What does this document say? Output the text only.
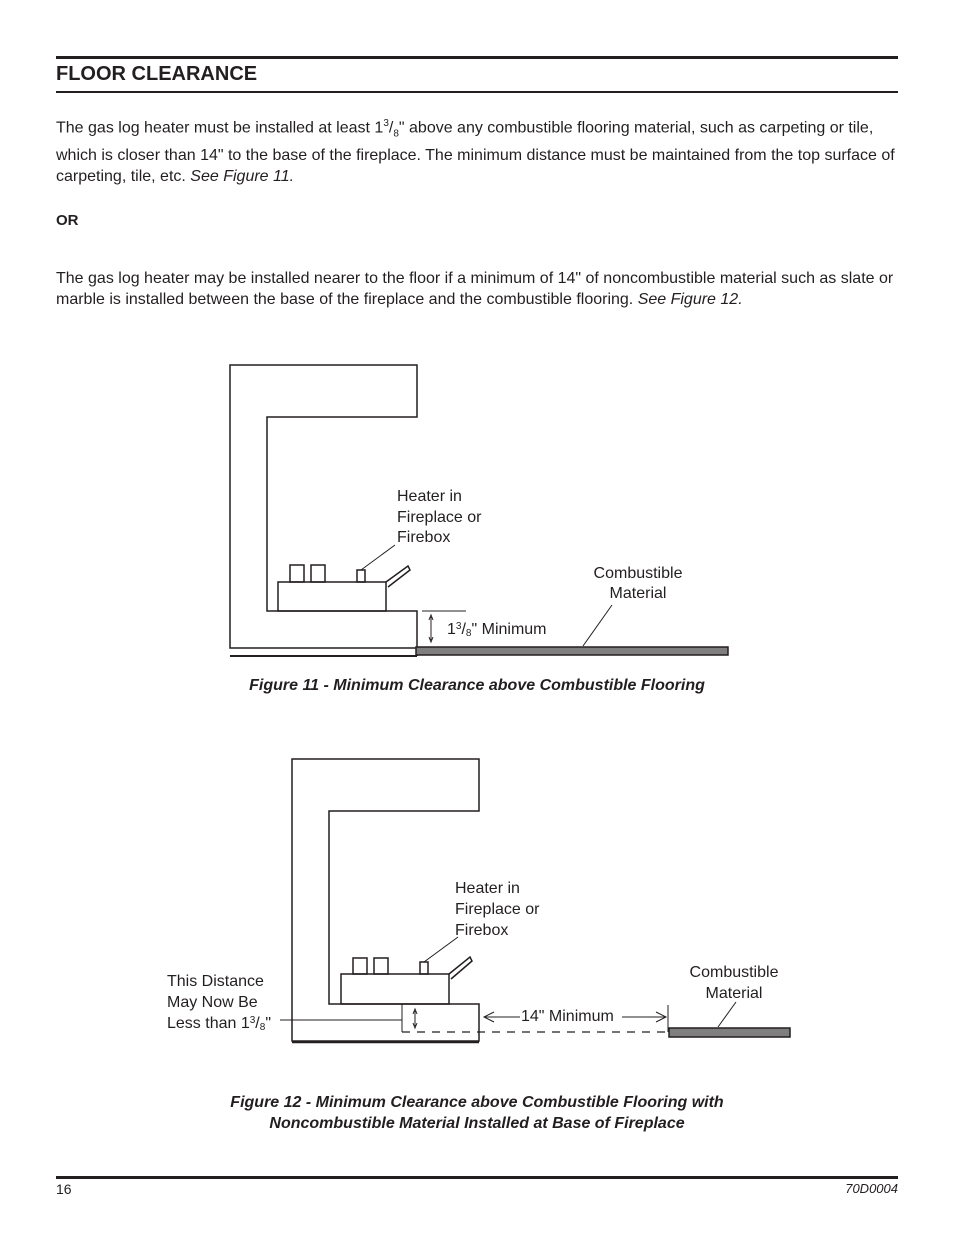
FLOOR CLEARANCE
The gas log heater must be installed at least $1^3/_8$" above any combustible flooring material, such as carpeting or tile, which is closer than 14" to the base of the fireplace. The minimum distance must be maintained from the top surface of carpeting, tile, etc. See Figure 11.
OR
The gas log heater may be installed nearer to the floor if a minimum of 14" of noncombustible material such as slate or marble is installed between the base of the fireplace and the combustible flooring. See Figure 12.
Heater in
Fireplace or
Firebox
Combustible
Material
$1^3/8$" Minimum
Heater in
Fireplace or
Firebox
Combustible
Material
This Distance
May Now Be
Less than $1^3/8$"	14" Minimum
Figure 11 - Minimum Clearance above Combustible Flooring
Figure 12 - Minimum Clearance above Combustible Flooring with
Noncombustible Material Installed at Base of Fireplace
16	70D0004
